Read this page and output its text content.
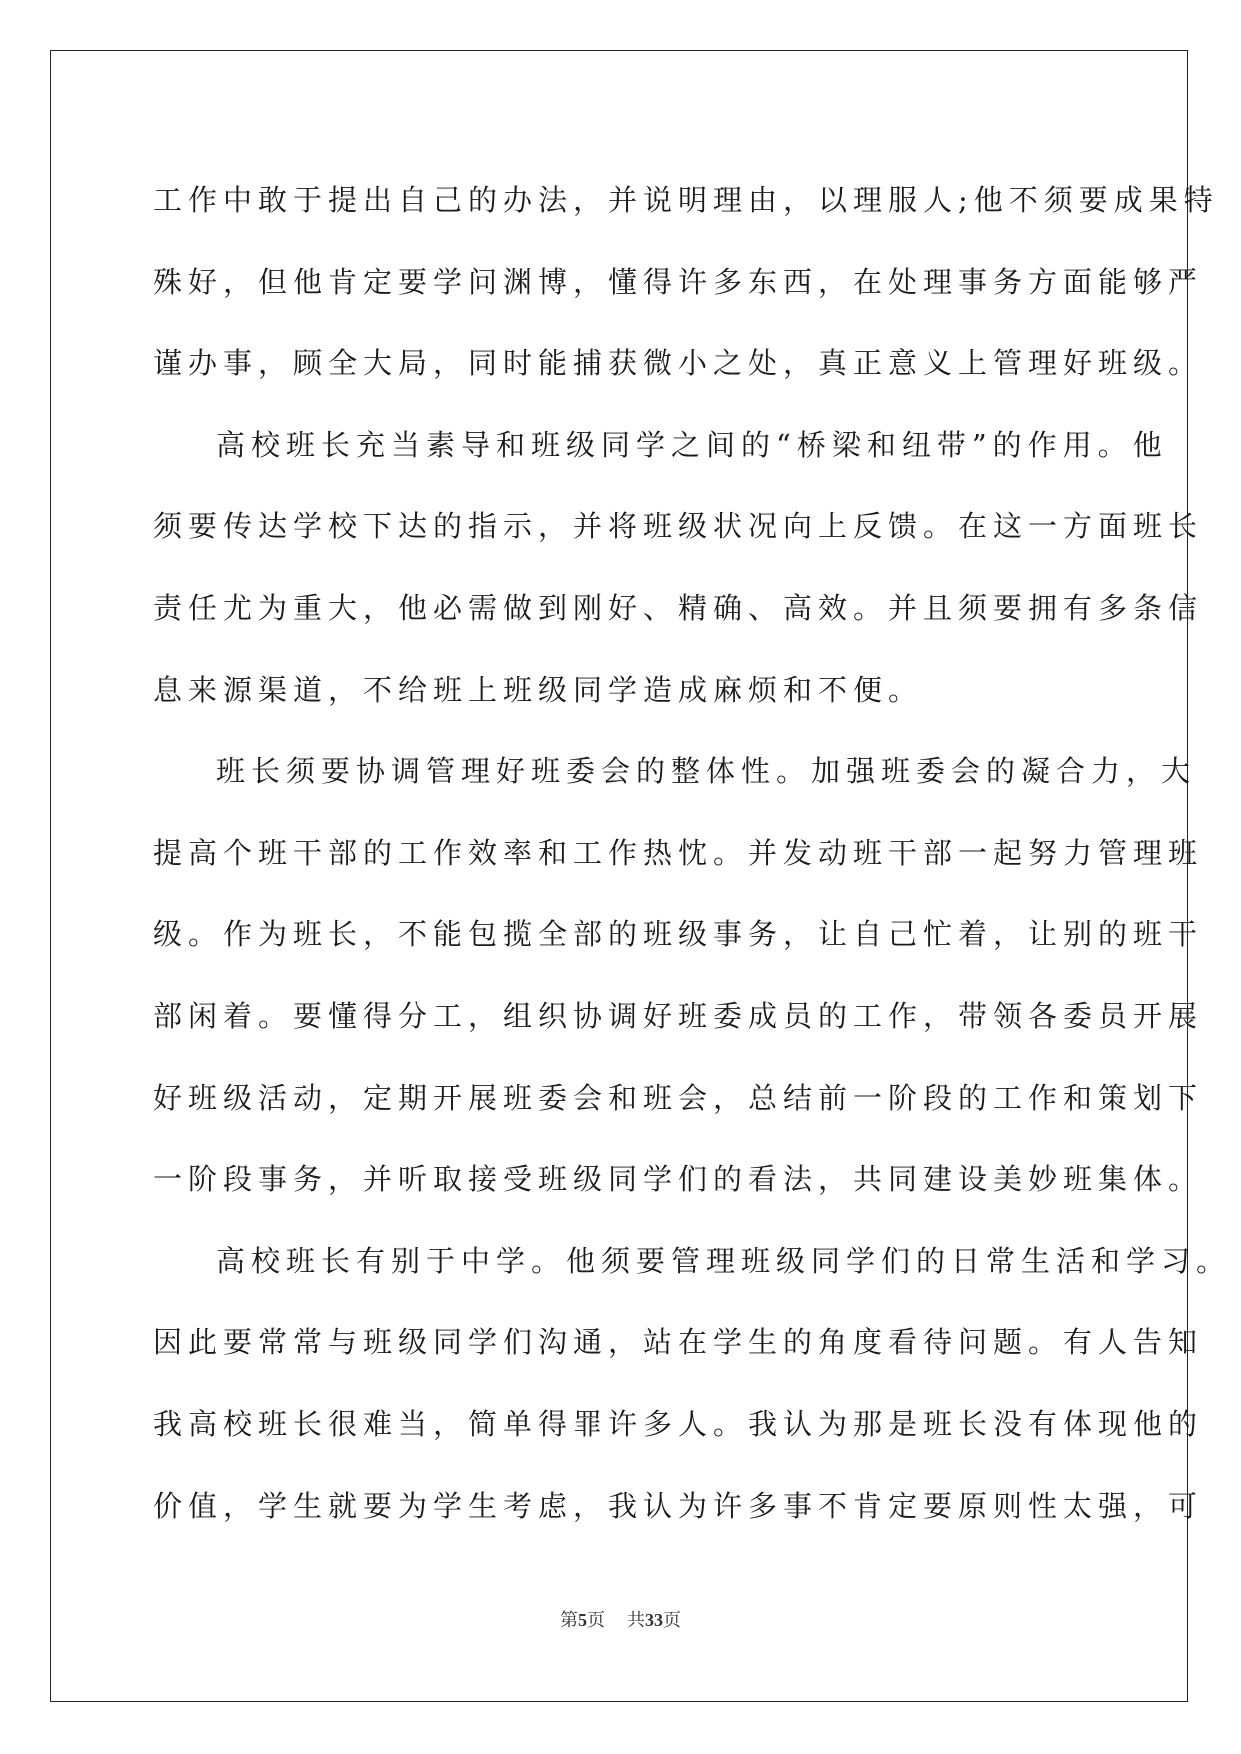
工作中敢于提出自己的办法，并说明理由，以理服人;他不须要成果特
殊好，但他肯定要学问渊博，懂得许多东西，在处理事务方面能够严
谨办事，顾全大局，同时能捕获微小之处，真正意义上管理好班级。
高校班长充当素导和班级同学之间的“桥梁和纽带”的作用。他
须要传达学校下达的指示，并将班级状况向上反馈。在这一方面班长
责任尤为重大，他必需做到刚好、精确、高效。并且须要拥有多条信
息来源渠道，不给班上班级同学造成麻烦和不便。
班长须要协调管理好班委会的整体性。加强班委会的凝合力，大
提高个班干部的工作效率和工作热忱。并发动班干部一起努力管理班
级。作为班长，不能包揽全部的班级事务，让自己忙着，让别的班干
部闲着。要懂得分工，组织协调好班委成员的工作，带领各委员开展
好班级活动，定期开展班委会和班会，总结前一阶段的工作和策划下
一阶段事务，并听取接受班级同学们的看法，共同建设美妙班集体。
高校班长有别于中学。他须要管理班级同学们的日常生活和学习。
因此要常常与班级同学们沟通，站在学生的角度看待问题。有人告知
我高校班长很难当，简单得罪许多人。我认为那是班长没有体现他的
价值，学生就要为学生考虑，我认为许多事不肯定要原则性太强，可
第5页 共33页
